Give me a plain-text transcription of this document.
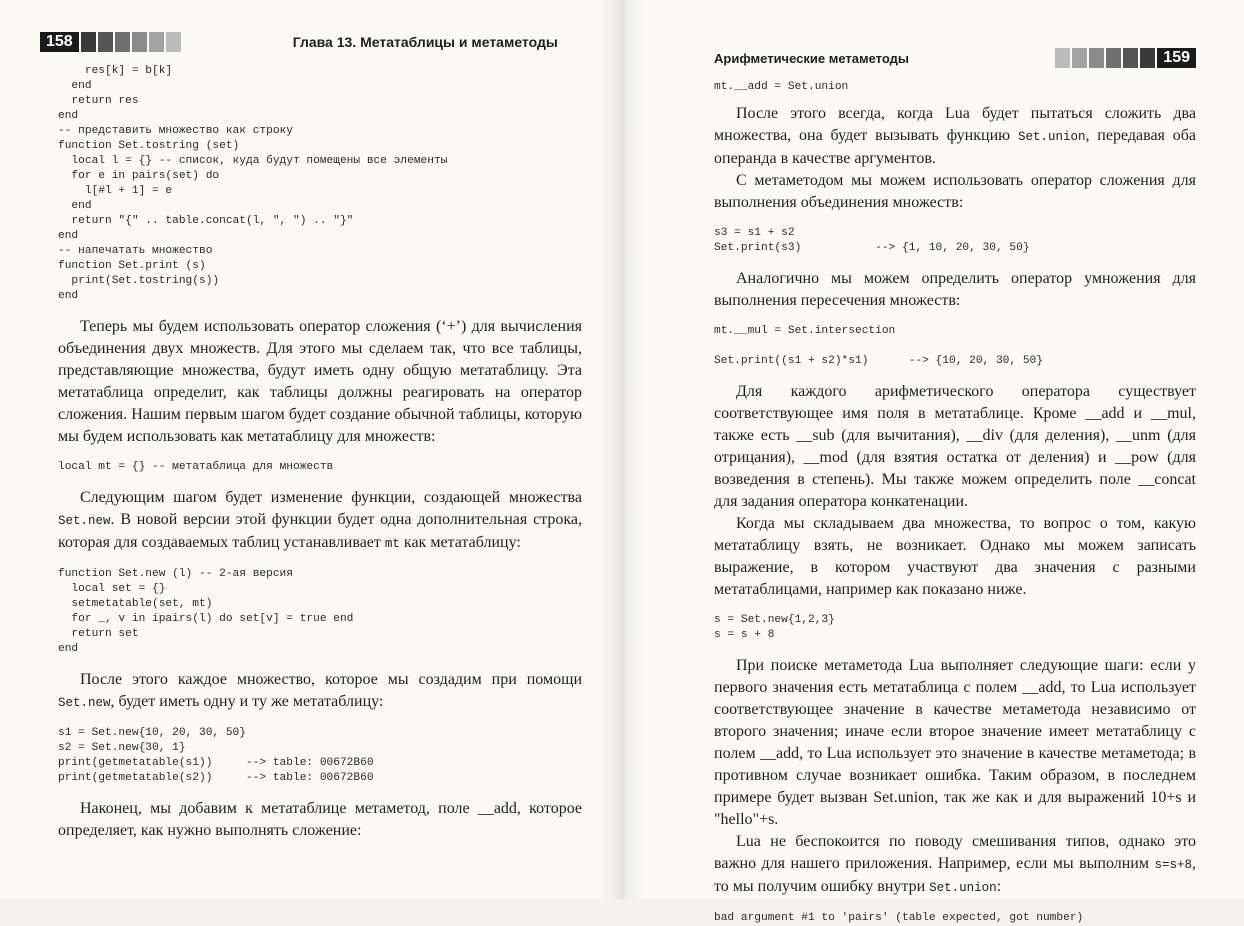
158	Глава 13. Метатаблицы и метаметоды
res[k] = b[k]
end
return res
end
-- представить множество как строку
function Set.tostring (set)
local l = {} -- список, куда будут помещены все элементы
for e in pairs(set) do
l[#l + 1] = e
end
return "{" .. table.concat(l, ", ") .. "}"
end
-- напечатать множество
function Set.print (s)
print(Set.tostring(s))
end

Теперь мы будем использовать оператор сложения (‘+’) для вычисления объединения двух множеств. Для этого мы сделаем так, что все таблицы, представляющие множества, будут иметь одну общую метатаблицу. Эта метатаблица определит, как таблицы должны реагировать на оператор сложения. Нашим первым шагом будет создание обычной таблицы, которую мы будем использовать как метатаблицу для множеств:

local mt = {} -- метатаблица для множеств

Следующим шагом будет изменение функции, создающей множества Set.new. В новой версии этой функции будет одна дополнительная строка, которая для создаваемых таблиц устанавливает mt как метатаблицу:

function Set.new (l) -- 2-ая версия
local set = {}
setmetatable(set, mt)
for _, v in ipairs(l) do set[v] = true end
return set
end

После этого каждое множество, которое мы создадим при помощи Set.new, будет иметь одну и ту же метатаблицу:

s1 = Set.new{10, 20, 30, 50}
s2 = Set.new{30, 1}
print(getmetatable(s1))     --> table: 00672B60
print(getmetatable(s2))     --> table: 00672B60

Наконец, мы добавим к метатаблице метаметод, поле __add, которое определяет, как нужно выполнять сложение:

Арифметические метаметоды	159
mt.__add = Set.union

После этого всегда, когда Lua будет пытаться сложить два множества, она будет вызывать функцию Set.union, передавая оба операнда в качестве аргументов.

С метаметодом мы можем использовать оператор сложения для выполнения объединения множеств:

s3 = s1 + s2
Set.print(s3)           --> {1, 10, 20, 30, 50}

Аналогично мы можем определить оператор умножения для выполнения пересечения множеств:

mt.__mul = Set.intersection

Set.print((s1 + s2)*s1)      --> {10, 20, 30, 50}

Для каждого арифметического оператора существует соответствующее имя поля в метатаблице. Кроме __add и __mul, также есть __sub (для вычитания), __div (для деления), __unm (для отрицания), __mod (для взятия остатка от деления) и __pow (для возведения в степень). Мы также можем определить поле __concat для задания оператора конкатенации.

Когда мы складываем два множества, то вопрос о том, какую метатаблицу взять, не возникает. Однако мы можем записать выражение, в котором участвуют два значения с разными метатаблицами, например как показано ниже.

s = Set.new{1,2,3}
s = s + 8

При поиске метаметода Lua выполняет следующие шаги: если у первого значения есть метатаблица с полем __add, то Lua использует соответствующее значение в качестве метаметода независимо от второго значения; иначе если второе значение имеет метатаблицу с полем __add, то Lua использует это значение в качестве метаметода; в противном случае возникает ошибка. Таким образом, в последнем примере будет вызван Set.union, так же как и для выражений 10+s и "hello"+s.

Lua не беспокоится по поводу смешивания типов, однако это важно для нашего приложения. Например, если мы выполним s=s+8, то мы получим ошибку внутри Set.union:

bad argument #1 to 'pairs' (table expected, got number)
